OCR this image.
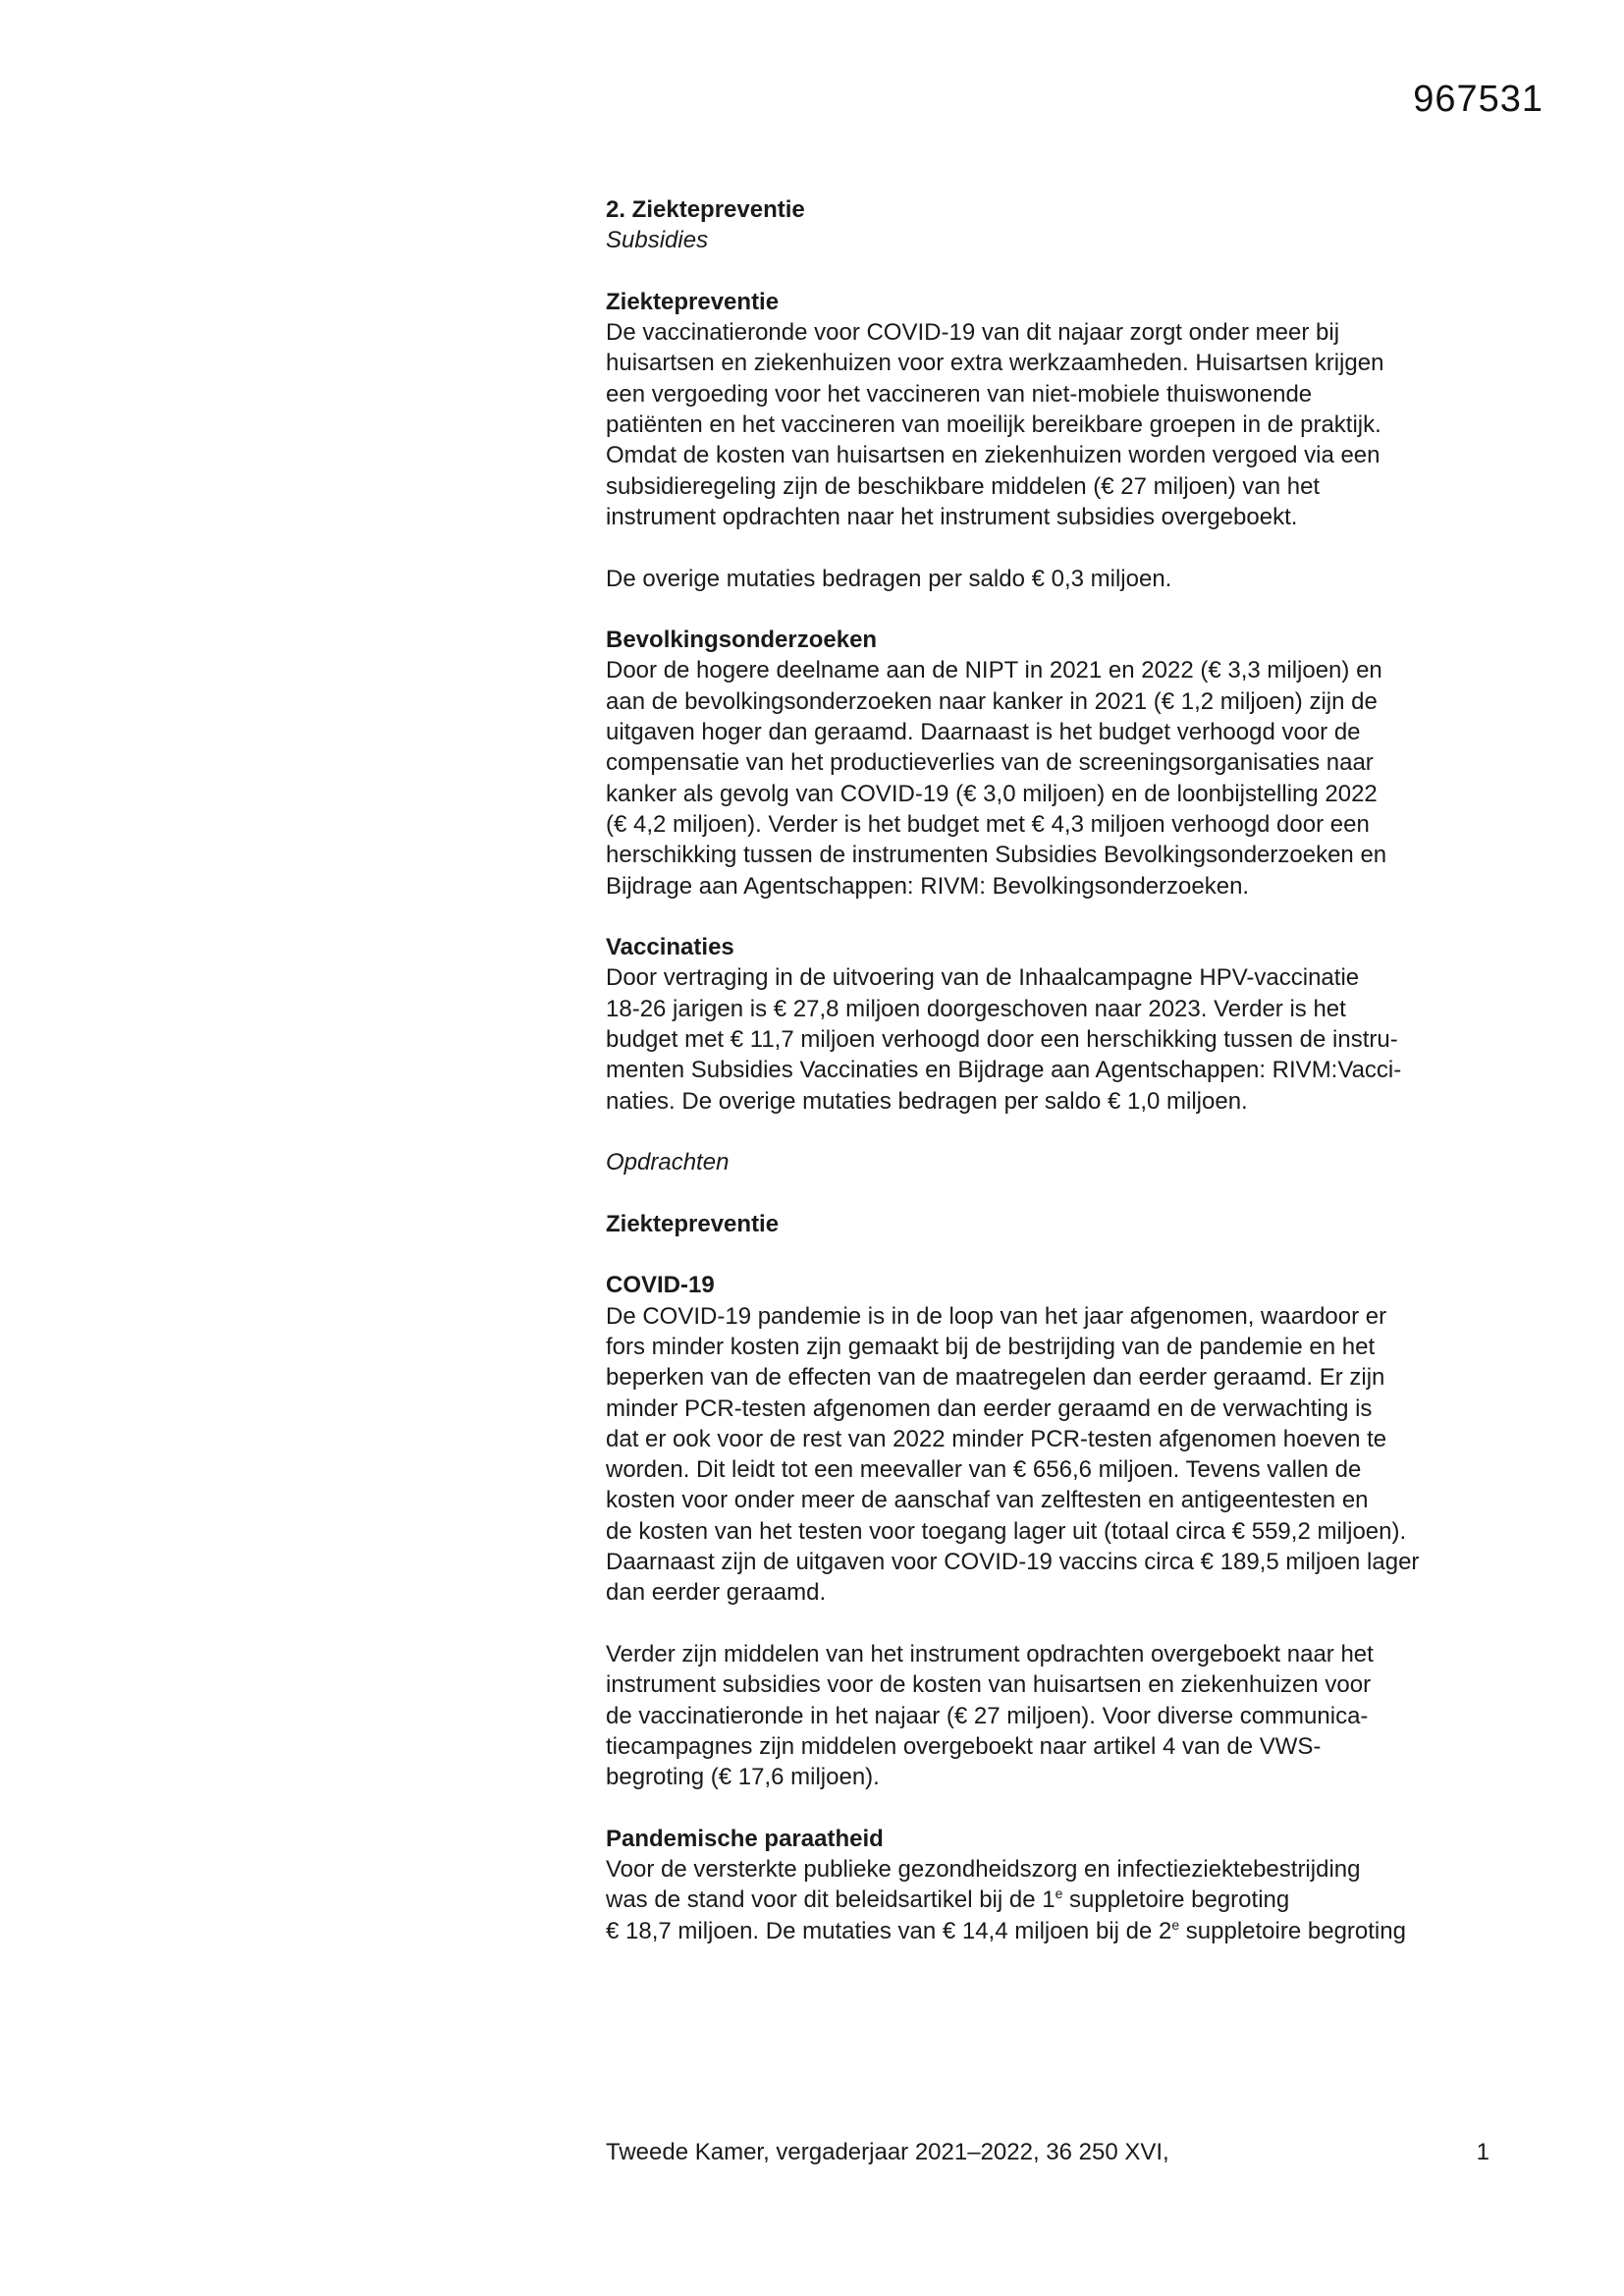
967531
2. Ziektepreventie
Subsidies
Ziektepreventie
De vaccinatieronde voor COVID-19 van dit najaar zorgt onder meer bij
huisartsen en ziekenhuizen voor extra werkzaamheden. Huisartsen krijgen
een vergoeding voor het vaccineren van niet-mobiele thuiswonende
patiënten en het vaccineren van moeilijk bereikbare groepen in de praktijk.
Omdat de kosten van huisartsen en ziekenhuizen worden vergoed via een
subsidieregeling zijn de beschikbare middelen (€ 27 miljoen) van het
instrument opdrachten naar het instrument subsidies overgeboekt.
De overige mutaties bedragen per saldo € 0,3 miljoen.
Bevolkingsonderzoeken
Door de hogere deelname aan de NIPT in 2021 en 2022 (€ 3,3 miljoen) en
aan de bevolkingsonderzoeken naar kanker in 2021 (€ 1,2 miljoen) zijn de
uitgaven hoger dan geraamd. Daarnaast is het budget verhoogd voor de
compensatie van het productieverlies van de screeningsorganisaties naar
kanker als gevolg van COVID-19 (€ 3,0 miljoen) en de loonbijstelling 2022
(€ 4,2 miljoen). Verder is het budget met € 4,3 miljoen verhoogd door een
herschikking tussen de instrumenten Subsidies Bevolkingsonderzoeken en
Bijdrage aan Agentschappen: RIVM: Bevolkingsonderzoeken.
Vaccinaties
Door vertraging in de uitvoering van de Inhaalcampagne HPV-vaccinatie
18-26 jarigen is € 27,8 miljoen doorgeschoven naar 2023. Verder is het
budget met € 11,7 miljoen verhoogd door een herschikking tussen de instru-
menten Subsidies Vaccinaties en Bijdrage aan Agentschappen: RIVM:Vacci-
naties. De overige mutaties bedragen per saldo € 1,0 miljoen.
Opdrachten
Ziektepreventie
COVID-19
De COVID-19 pandemie is in de loop van het jaar afgenomen, waardoor er
fors minder kosten zijn gemaakt bij de bestrijding van de pandemie en het
beperken van de effecten van de maatregelen dan eerder geraamd. Er zijn
minder PCR-testen afgenomen dan eerder geraamd en de verwachting is
dat er ook voor de rest van 2022 minder PCR-testen afgenomen hoeven te
worden. Dit leidt tot een meevaller van € 656,6 miljoen. Tevens vallen de
kosten voor onder meer de aanschaf van zelftesten en antigeentesten en
de kosten van het testen voor toegang lager uit (totaal circa € 559,2 miljoen).
Daarnaast zijn de uitgaven voor COVID-19 vaccins circa € 189,5 miljoen lager
dan eerder geraamd.
Verder zijn middelen van het instrument opdrachten overgeboekt naar het
instrument subsidies voor de kosten van huisartsen en ziekenhuizen voor
de vaccinatieronde in het najaar (€ 27 miljoen). Voor diverse communica-
tiecampagnes zijn middelen overgeboekt naar artikel 4 van de VWS-
begroting (€ 17,6 miljoen).
Pandemische paraatheid
Voor de versterkte publieke gezondheidszorg en infectieziektebestrijding
was de stand voor dit beleidsartikel bij de 1e suppletoire begroting
€ 18,7 miljoen. De mutaties van € 14,4 miljoen bij de 2e suppletoire begroting
Tweede Kamer, vergaderjaar 2021–2022, 36 250 XVI,	1
